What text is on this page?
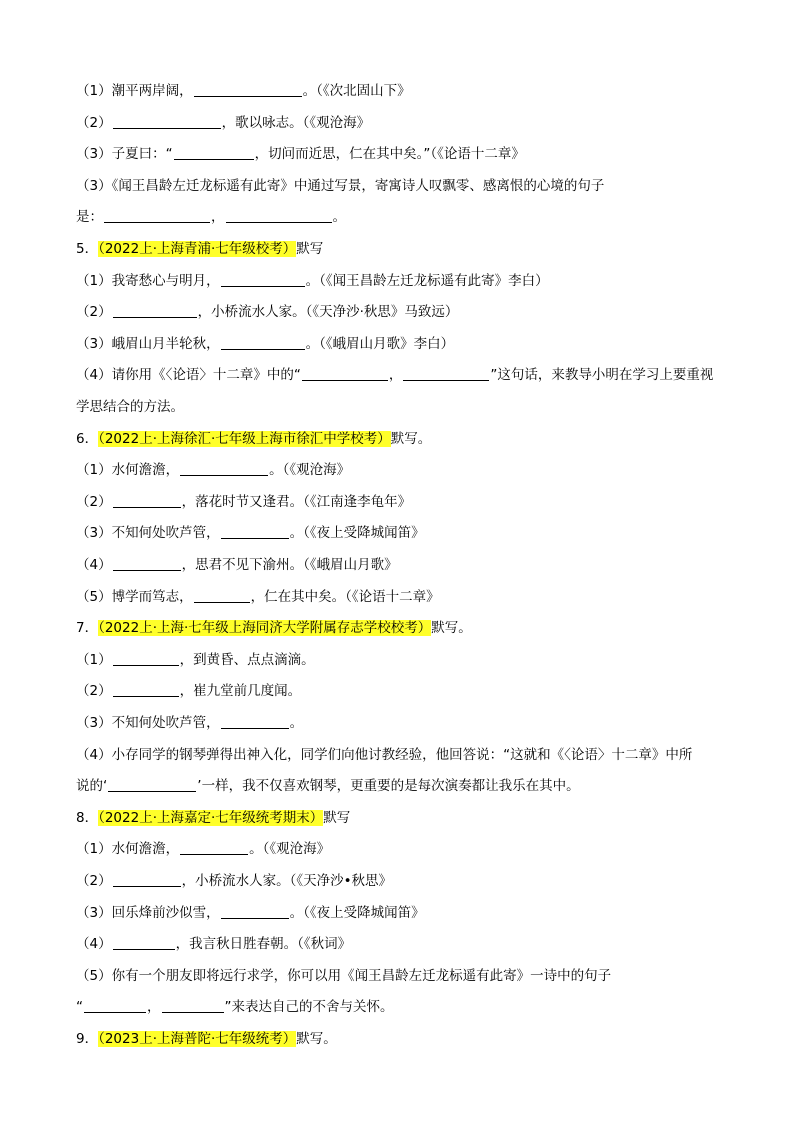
（1）潮平两岸阔，	。（《次北固山下》
（2）	，歌以咏志。（《观沧海》
（3）子夏曰：“	，切问而近思，仁在其中矣。”（《论语十二章》
（3）《闻王昌龄左迁龙标遥有此寄》中通过写景，寄寓诗人叹飘零、感离恨的心境的句子
是：	，	。
5．（2022上·上海青浦·七年级校考）默写
（1）我寄愁心与明月，	。（《闻王昌龄左迁龙标遥有此寄》李白）
（2）	，小桥流水人家。（《天净沙·秋思》马致远）
（3）峨眉山月半轮秋，	。（《峨眉山月歌》李白）
（4）请你用《〈论语〉十二章》中的“	，	”这句话，来教导小明在学习上要重视
学思结合的方法。
6．（2022上·上海徐汇·七年级上海市徐汇中学校考）默写。
（1）水何澹澹，	。（《观沧海》
（2）	，落花时节又逢君。（《江南逢李龟年》
（3）不知何处吹芦管，	。（《夜上受降城闻笛》
（4）	，思君不见下渝州。（《峨眉山月歌》
（5）博学而笃志，	，仁在其中矣。（《论语十二章》
7．（2022上·上海·七年级上海同济大学附属存志学校校考）默写。
（1）	，到黄昏、点点滴滴。
（2）	，崔九堂前几度闻。
（3）不知何处吹芦管，	。
（4）小存同学的钢琴弹得出神入化，同学们向他讨教经验，他回答说：“这就和《〈论语〉十二章》中所
说的‘	’一样，我不仅喜欢钢琴，更重要的是每次演奏都让我乐在其中。
8．（2022上·上海嘉定·七年级统考期末）默写
（1）水何澹澹，	。（《观沧海》
（2）	，小桥流水人家。（《天净沙•秋思》
（3）回乐烽前沙似雪，	。（《夜上受降城闻笛》
（4）	，我言秋日胜春朝。（《秋词》
（5）你有一个朋友即将远行求学，你可以用《闻王昌龄左迁龙标遥有此寄》一诗中的句子
“	，	”来表达自己的不舍与关怀。
9．（2023上·上海普陀·七年级统考）默写。
